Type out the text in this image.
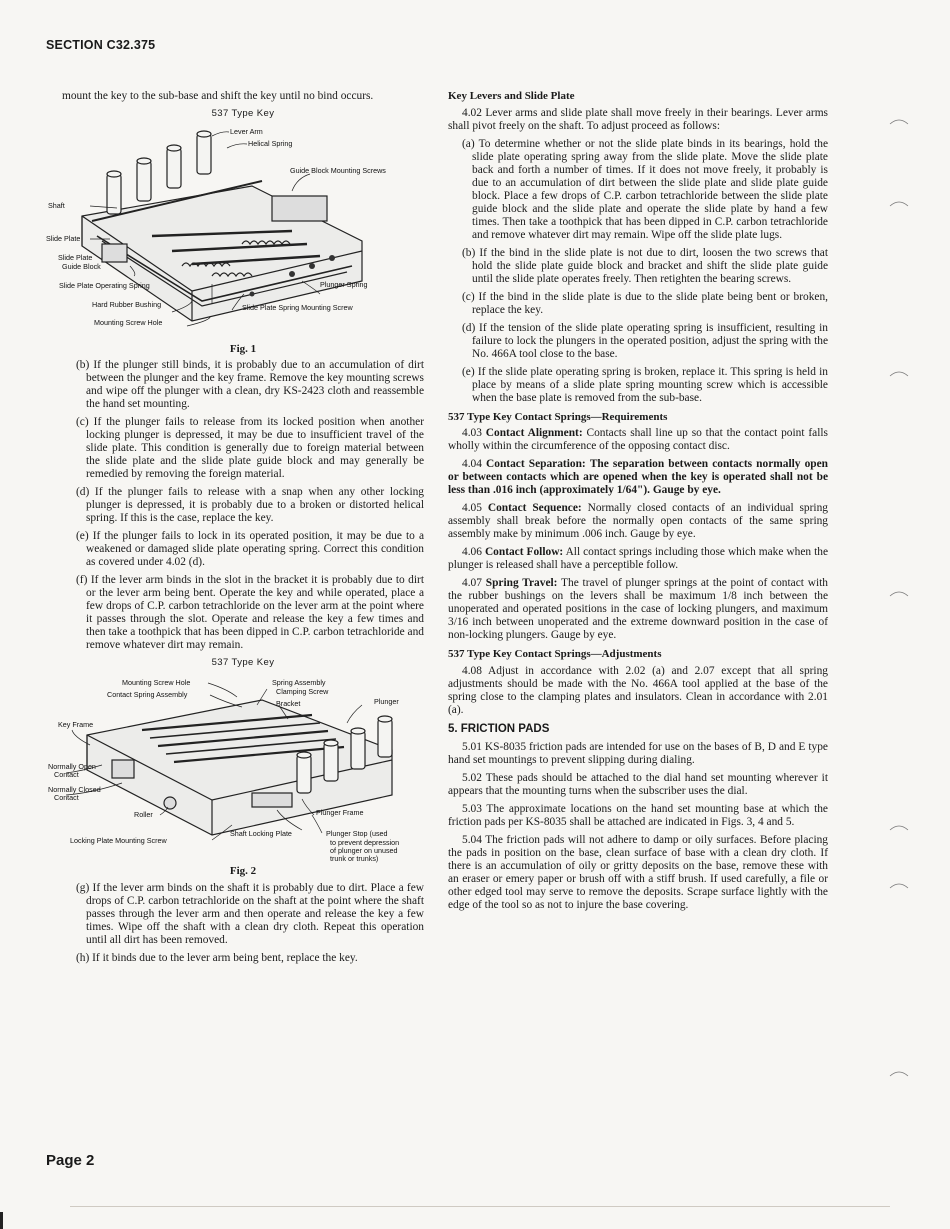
SECTION C32.375

mount the key to the sub-base and shift the key until no bind occurs.

537 Type Key
Lever Arm
Helical Spring
Guide Block Mounting Screws
Shaft
Slide Plate
Slide Plate
Guide Block
Plunger Spring
Slide Plate Operating Spring
Hard Rubber Bushing	Slide Plate Spring Mounting Screw
Mounting Screw Hole
Fig. 1

(b) If the plunger still binds, it is probably due to an accumulation of dirt between the plunger and the key frame. Remove the key mounting screws and wipe off the plunger with a clean, dry KS-2423 cloth and reassemble the hand set mounting.

(c) If the plunger fails to release from its locked position when another locking plunger is depressed, it may be due to insufficient travel of the slide plate. This condition is generally due to foreign material between the slide plate and the slide plate guide block and may generally be remedied by removing the foreign material.

(d) If the plunger fails to release with a snap when any other locking plunger is depressed, it is probably due to a broken or distorted helical spring. If this is the case, replace the key.

(e) If the plunger fails to lock in its operated position, it may be due to a weakened or damaged slide plate operating spring. Correct this condition as covered under 4.02 (d).

(f) If the lever arm binds in the slot in the bracket it is probably due to dirt or the lever arm being bent. Operate the key and while operated, place a few drops of C.P. carbon tetrachloride on the lever arm at the point where it passes through the slot. Operate and release the key a few times and then take a toothpick that has been dipped in C.P. carbon tetrachloride and remove whatever dirt may remain.

537 Type Key
Mounting Screw Hole
Contact Spring Assembly
Spring Assembly
Clamping Screw
Bracket	Plunger
Key Frame
Normally Open
Contact
Normally Closed
Contact
Roller	Plunger Frame
Locking Plate Mounting Screw
Shaft Locking Plate	Plunger Stop (used
to prevent depression
of plunger on unused
trunk or trunks)
Fig. 2

(g) If the lever arm binds on the shaft it is probably due to dirt. Place a few drops of C.P. carbon tetrachloride on the shaft at the point where the shaft passes through the lever arm and then operate and release the key a few times. Wipe off the shaft with a clean dry cloth. Repeat this operation until all dirt has been removed.

(h) If it binds due to the lever arm being bent, replace the key.

Key Levers and Slide Plate

4.02 Lever arms and slide plate shall move freely in their bearings. Lever arms shall pivot freely on the shaft. To adjust proceed as follows:

(a) To determine whether or not the slide plate binds in its bearings, hold the slide plate operating spring away from the slide plate. Move the slide plate back and forth a number of times. If it does not move freely, it probably is due to an accumulation of dirt between the slide plate and slide plate guide block. Place a few drops of C.P. carbon tetrachloride between the slide plate guide block and the slide plate and operate the slide plate by hand a few times. Then take a toothpick that has been dipped in C.P. carbon tetrachloride and remove whatever dirt may remain. Wipe off the slide plate lugs.

(b) If the bind in the slide plate is not due to dirt, loosen the two screws that hold the slide plate guide block and bracket and shift the slide plate guide until the slide plate operates freely. Then retighten the bearing screws.

(c) If the bind in the slide plate is due to the slide plate being bent or broken, replace the key.

(d) If the tension of the slide plate operating spring is insufficient, resulting in failure to lock the plungers in the operated position, adjust the spring with the No. 466A tool close to the base.

(e) If the slide plate operating spring is broken, replace it. This spring is held in place by means of a slide plate spring mounting screw which is accessible when the base plate is removed from the sub-base.

537 Type Key Contact Springs—Requirements

4.03 Contact Alignment: Contacts shall line up so that the contact point falls wholly within the circumference of the opposing contact disc.

4.04 Contact Separation: The separation between contacts normally open or between contacts which are opened when the key is operated shall not be less than .016 inch (approximately 1/64"). Gauge by eye.

4.05 Contact Sequence: Normally closed contacts of an individual spring assembly shall break before the normally open contacts of the same spring assembly make by minimum .006 inch. Gauge by eye.

4.06 Contact Follow: All contact springs including those which make when the plunger is released shall have a perceptible follow.

4.07 Spring Travel: The travel of plunger springs at the point of contact with the rubber bushings on the levers shall be maximum 1/8 inch between the unoperated and operated positions in the case of locking plungers, and maximum 3/16 inch between unoperated and the extreme downward position in the case of non-locking plungers. Gauge by eye.

537 Type Key Contact Springs—Adjustments

4.08 Adjust in accordance with 2.02 (a) and 2.07 except that all spring adjustments should be made with the No. 466A tool applied at the base of the spring close to the clamping plates and insulators. Clean in accordance with 2.01 (a).

5. FRICTION PADS

5.01 KS-8035 friction pads are intended for use on the bases of B, D and E type hand set mountings to prevent slipping during dialing.

5.02 These pads should be attached to the dial hand set mounting wherever it appears that the mounting turns when the subscriber uses the dial.

5.03 The approximate locations on the hand set mounting base at which the friction pads per KS-8035 shall be attached are indicated in Figs. 3, 4 and 5.

5.04 The friction pads will not adhere to damp or oily surfaces. Before placing the pads in position on the base, clean surface of base with a clean dry cloth. If there is an accumulation of oily or gritty deposits on the base, remove these with an eraser or emery paper or brush off with a stiff brush. If used carefully, a file or other edged tool may serve to remove the deposits. Scrape surface lightly with the edge of the tool so as not to injure the base covering.

Page 2
